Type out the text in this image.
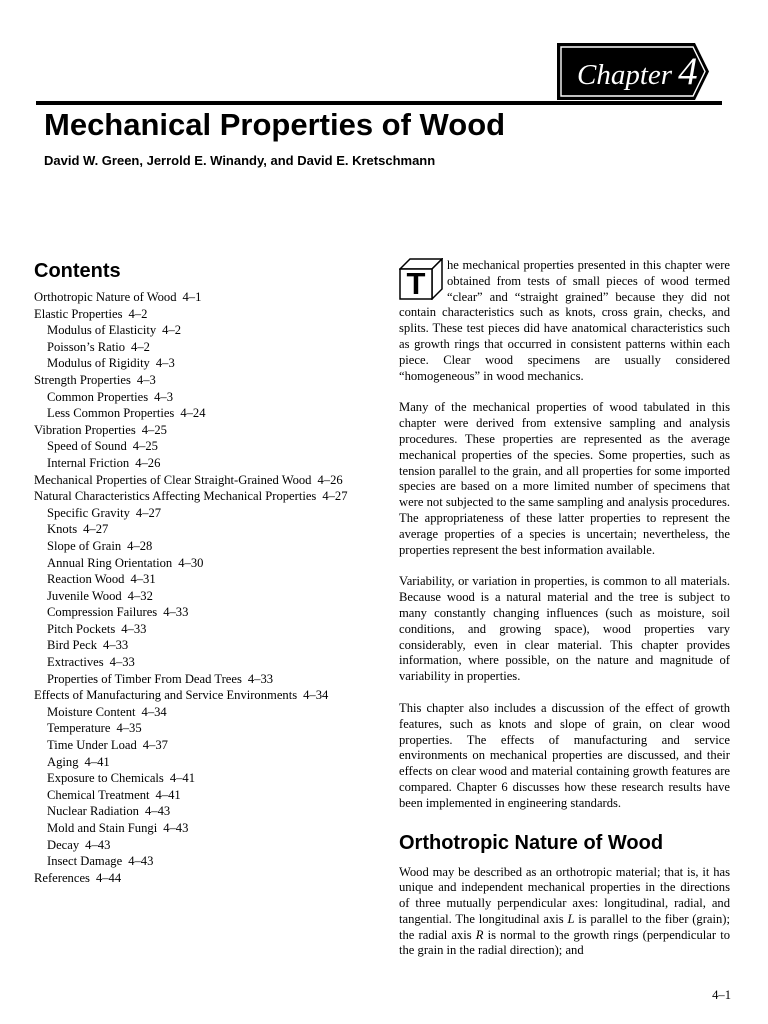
Chapter 4
Mechanical Properties of Wood
David W. Green, Jerrold E. Winandy, and David E. Kretschmann
Contents
Orthotropic Nature of Wood 4–1
Elastic Properties 4–2
Modulus of Elasticity 4–2
Poisson’s Ratio 4–2
Modulus of Rigidity 4–3
Strength Properties 4–3
Common Properties 4–3
Less Common Properties 4–24
Vibration Properties 4–25
Speed of Sound 4–25
Internal Friction 4–26
Mechanical Properties of Clear Straight-Grained Wood 4–26
Natural Characteristics Affecting Mechanical Properties 4–27
Specific Gravity 4–27
Knots 4–27
Slope of Grain 4–28
Annual Ring Orientation 4–30
Reaction Wood 4–31
Juvenile Wood 4–32
Compression Failures 4–33
Pitch Pockets 4–33
Bird Peck 4–33
Extractives 4–33
Properties of Timber From Dead Trees 4–33
Effects of Manufacturing and Service Environments 4–34
Moisture Content 4–34
Temperature 4–35
Time Under Load 4–37
Aging 4–41
Exposure to Chemicals 4–41
Chemical Treatment 4–41
Nuclear Radiation 4–43
Mold and Stain Fungi 4–43
Decay 4–43
Insect Damage 4–43
References 4–44

T
he mechanical properties presented in this chapter were obtained from tests of small pieces of wood termed “clear” and “straight grained” because they did not contain characteristics such as knots, cross grain, checks, and splits. These test pieces did have anatomical characteristics such as growth rings that occurred in consistent patterns within each piece. Clear wood specimens are usually considered “homogeneous” in wood mechanics.

Many of the mechanical properties of wood tabulated in this chapter were derived from extensive sampling and analysis procedures. These properties are represented as the average mechanical properties of the species. Some properties, such as tension parallel to the grain, and all properties for some imported species are based on a more limited number of specimens that were not subjected to the same sampling and analysis procedures. The appropriateness of these latter properties to represent the average properties of a species is uncertain; nevertheless, the properties represent the best information available.

Variability, or variation in properties, is common to all materials. Because wood is a natural material and the tree is subject to many constantly changing influences (such as moisture, soil conditions, and growing space), wood properties vary considerably, even in clear material. This chapter provides information, where possible, on the nature and magnitude of variability in properties.

This chapter also includes a discussion of the effect of growth features, such as knots and slope of grain, on clear wood properties. The effects of manufacturing and service environments on mechanical properties are discussed, and their effects on clear wood and material containing growth features are compared. Chapter 6 discusses how these research results have been implemented in engineering standards.

Orthotropic Nature of Wood

Wood may be described as an orthotropic material; that is, it has unique and independent mechanical properties in the directions of three mutually perpendicular axes: longitudinal, radial, and tangential. The longitudinal axis L is parallel to the fiber (grain); the radial axis R is normal to the growth rings (perpendicular to the grain in the radial direction); and

4–1
